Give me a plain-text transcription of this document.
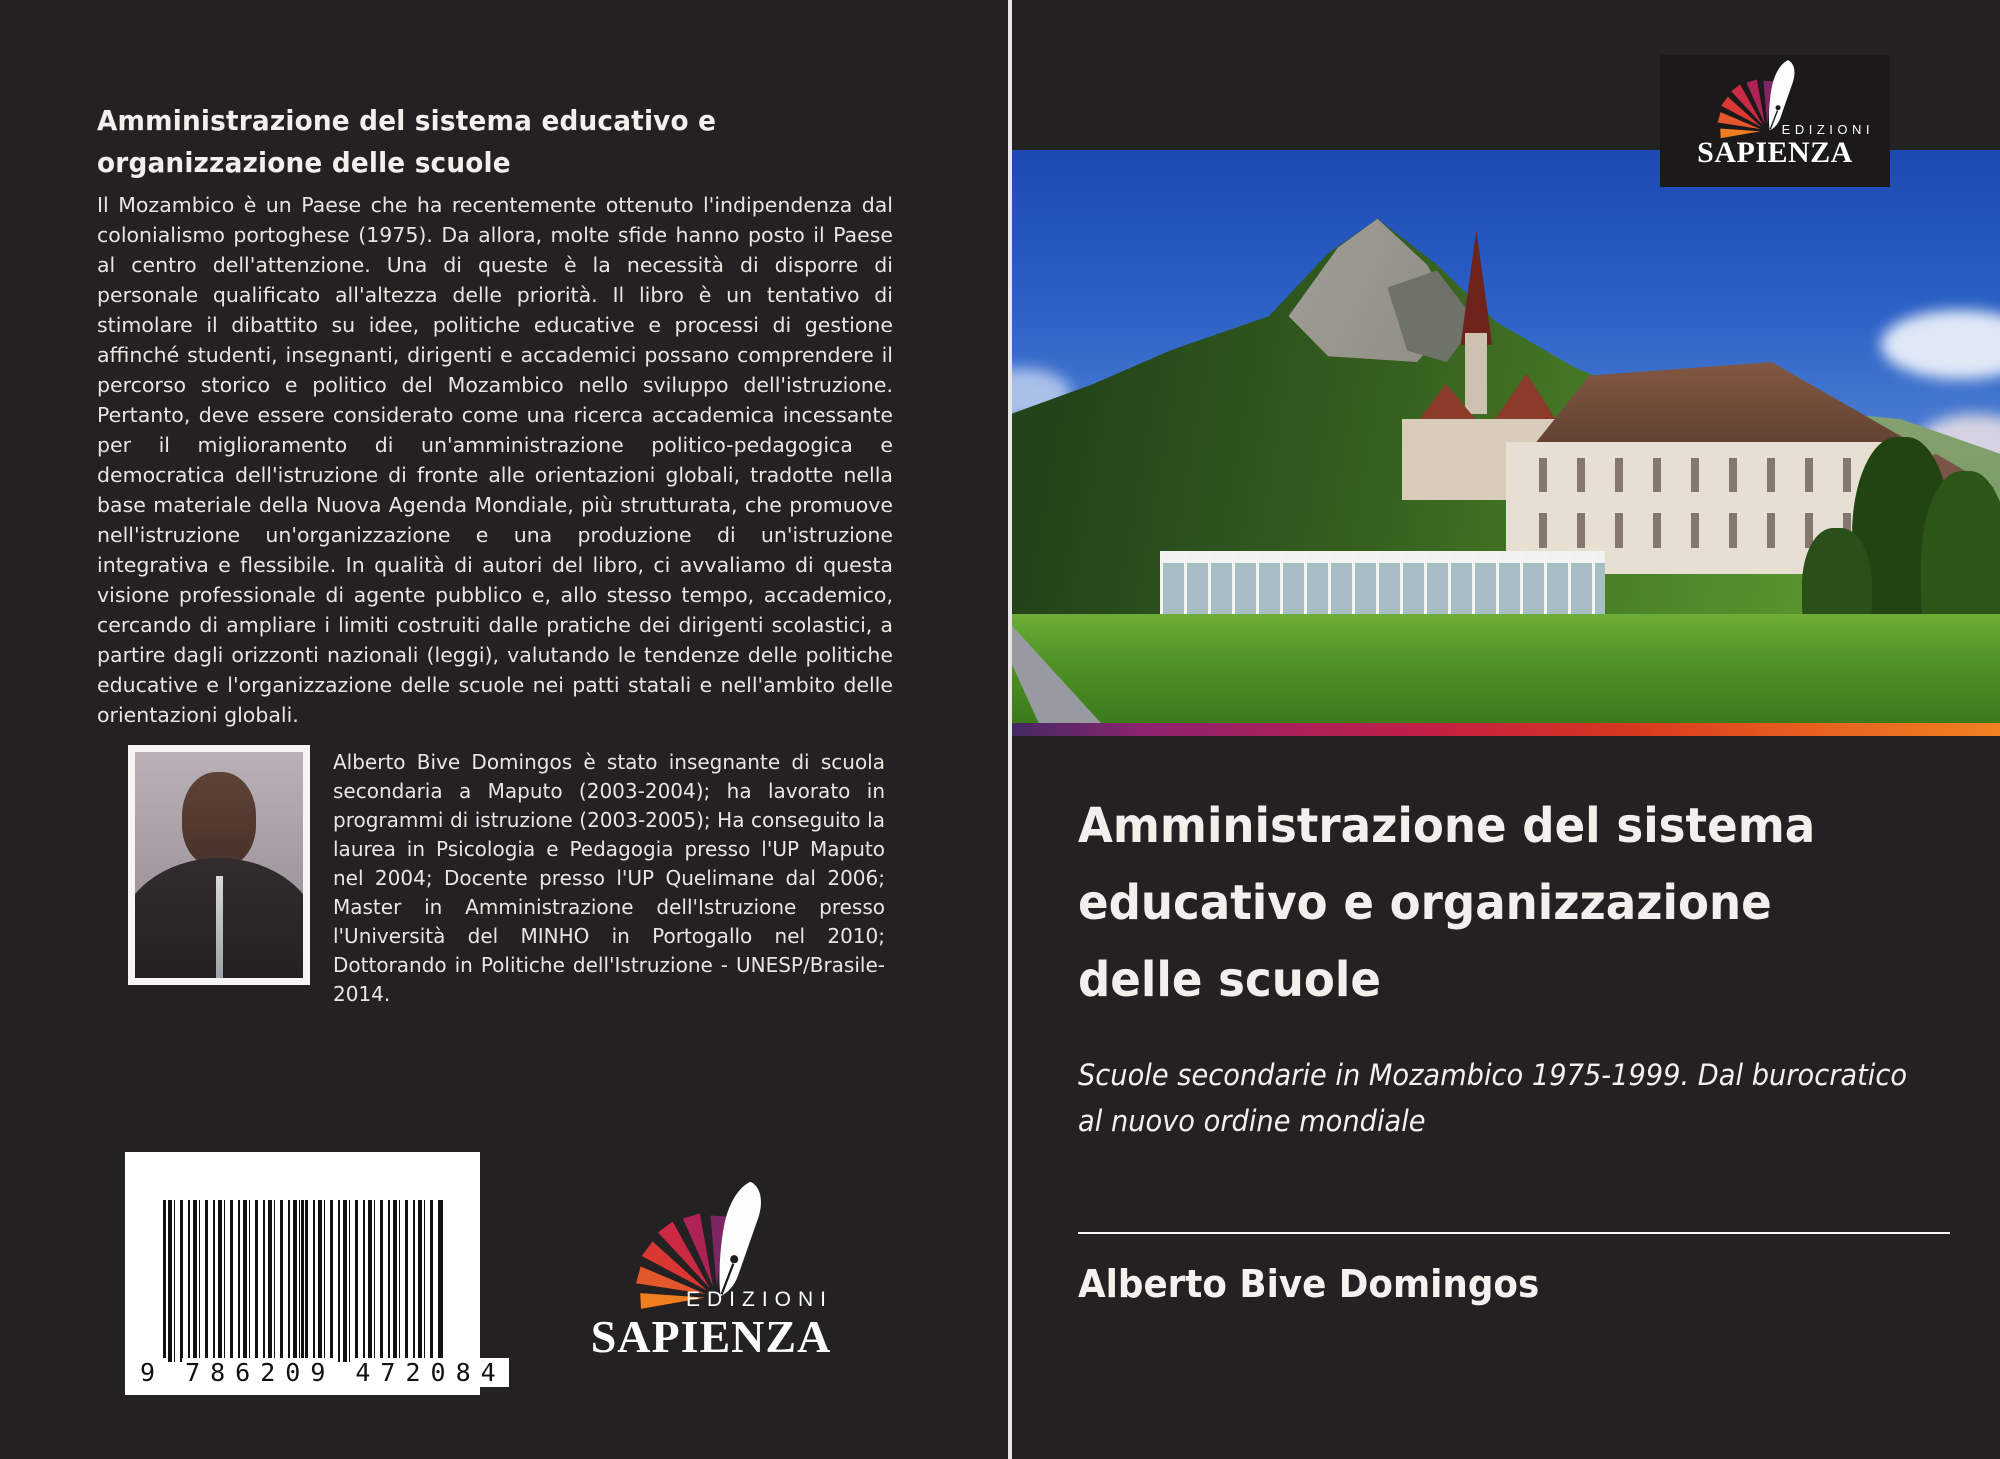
Amministrazione del sistema educativo e
organizzazione delle scuole
Il Mozambico è un Paese che ha recentemente ottenuto l'indipendenza dal colonialismo portoghese (1975). Da allora, molte sfide hanno posto il Paese al centro dell'attenzione. Una di queste è la necessità di disporre di personale qualificato all'altezza delle priorità. Il libro è un tentativo di stimolare il dibattito su idee, politiche educative e processi di gestione affinché studenti, insegnanti, dirigenti e accademici possano comprendere il percorso storico e politico del Mozambico nello sviluppo dell'istruzione. Pertanto, deve essere considerato come una ricerca accademica incessante per il miglioramento di un'amministrazione politico-pedagogica e democratica dell'istruzione di fronte alle orientazioni globali, tradotte nella base materiale della Nuova Agenda Mondiale, più strutturata, che promuove nell'istruzione un'organizzazione e una produzione di un'istruzione integrativa e flessibile. In qualità di autori del libro, ci avvaliamo di questa visione professionale di agente pubblico e, allo stesso tempo, accademico, cercando di ampliare i limiti costruiti dalle pratiche dei dirigenti scolastici, a partire dagli orizzonti nazionali (leggi), valutando le tendenze delle politiche educative e l'organizzazione delle scuole nei patti statali e nell'ambito delle orientazioni globali.
Alberto Bive Domingos è stato insegnante di scuola secondaria a Maputo (2003-2004); ha lavorato in programmi di istruzione (2003-2005); Ha conseguito la laurea in Psicologia e Pedagogia presso l'UP Maputo nel 2004; Docente presso l'UP Quelimane dal 2006; Master in Amministrazione dell'Istruzione presso l'Università del MINHO in Portogallo nel 2010; Dottorando in Politiche dell'Istruzione - UNESP/Brasile-2014.
9 786209 472084
EDIZIONI
SAPIENZA
EDIZIONI
SAPIENZA
Amministrazione del sistema
educativo e organizzazione
delle scuole
Scuole secondarie in Mozambico 1975-1999. Dal burocratico
al nuovo ordine mondiale
Alberto Bive Domingos
